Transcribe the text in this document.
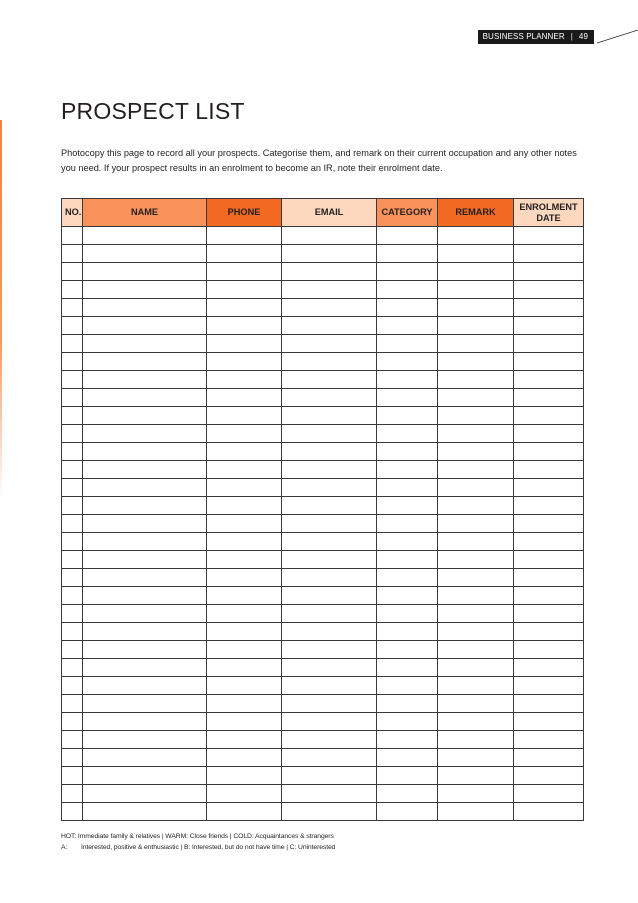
BUSINESS PLANNER | 49
PROSPECT LIST

Photocopy this page to record all your prospects. Categorise them, and remark on their current occupation and any other notes you need. If your prospect results in an enrolment to become an IR, note their enrolment date.

NO.	NAME	PHONE	EMAIL	CATEGORY	REMARK	ENROLMENT DATE

HOT: Immediate family & relatives | WARM: Close friends | COLD: Acquaintances & strangers
A: Interested, positive & enthusiastic | B: Interested, but do not have time | C: Uninterested
